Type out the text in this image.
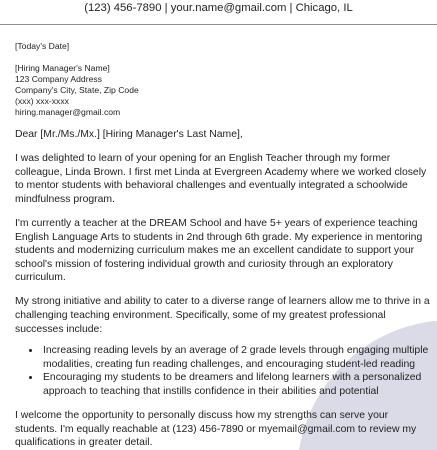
(123) 456-7890 | your.name@gmail.com | Chicago, IL

[Today's Date]

[Hiring Manager's Name]

123 Company Address

Company's City, State, Zip Code

(xxx) xxx-xxxx

hiring.manager@gmail.com

Dear [Mr./Ms./Mx.] [Hiring Manager's Last Name],

I was delighted to learn of your opening for an English Teacher through my former colleague, Linda Brown. I first met Linda at Evergreen Academy where we worked closely to mentor students with behavioral challenges and eventually integrated a schoolwide mindfulness program.

I'm currently a teacher at the DREAM School and have 5+ years of experience teaching English Language Arts to students in 2nd through 6th grade. My experience in mentoring students and modernizing curriculum makes me an excellent candidate to support your school's mission of fostering individual growth and curiosity through an exploratory curriculum.

My strong initiative and ability to cater to a diverse range of learners allow me to thrive in a challenging teaching environment. Specifically, some of my greatest professional successes include:

• Increasing reading levels by an average of 2 grade levels through engaging multiple modalities, creating fun reading challenges, and encouraging student-led reading
• Encouraging my students to be dreamers and lifelong learners with a personalized approach to teaching that instills confidence in their abilities and potential

I welcome the opportunity to personally discuss how my strengths can serve your students. I'm equally reachable at (123) 456-7890 or myemail@gmail.com to review my qualifications in greater detail.
